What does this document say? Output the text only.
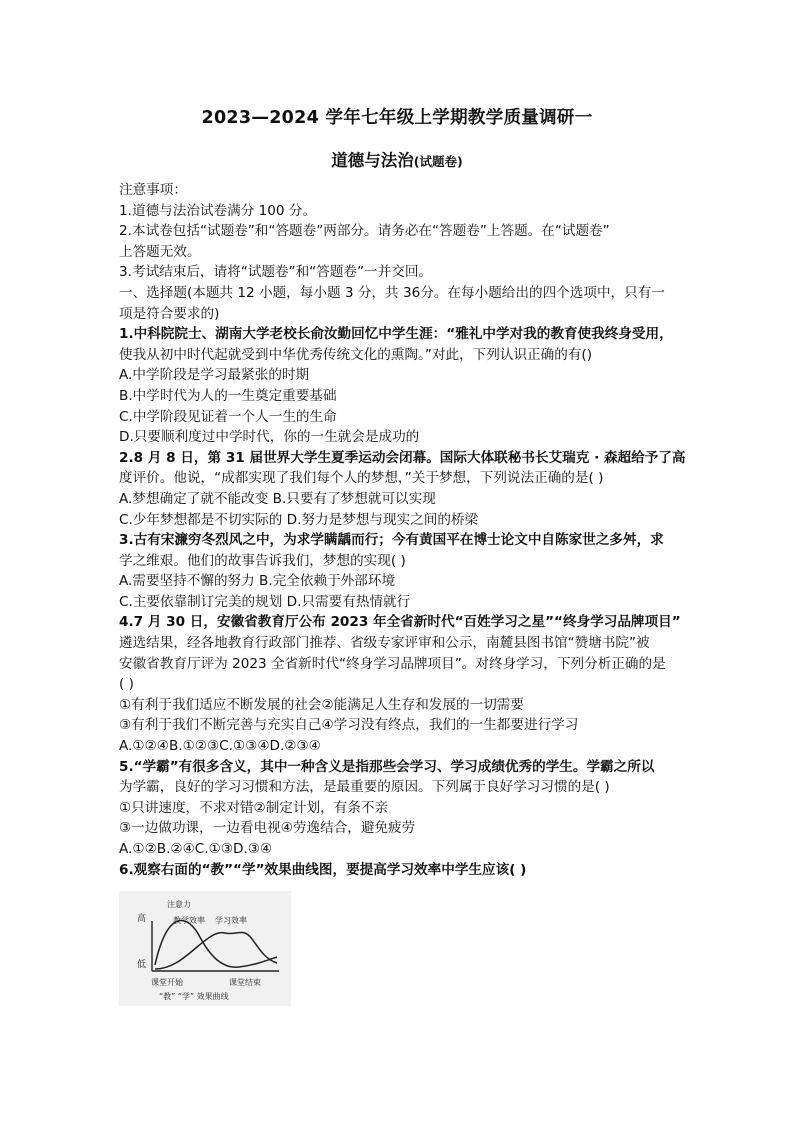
2023—2024 学年七年级上学期教学质量调研一
道德与法治(试题卷)

注意事项：

1.道德与法治试卷满分 100 分。

2.本试卷包括“试题卷”和“答题卷”两部分。请务必在“答题卷”上答题。在“试题卷”

上答题无效。

3.考试结束后，请将“试题卷”和“答题卷”一并交回。

一、选择题(本题共 12 小题，每小题 3 分，共 36分。在每小题给出的四个选项中，只有一

项是符合要求的)

1.中科院院士、湖南大学老校长俞汝勤回忆中学生涯：“雅礼中学对我的教育使我终身受用，

使我从初中时代起就受到中华优秀传统文化的熏陶。”对此，下列认识正确的有()

A.中学阶段是学习最紧张的时期

B.中学时代为人的一生奠定重要基础

C.中学阶段见证着一个人一生的生命

D.只要顺利度过中学时代，你的一生就会是成功的

2.8 月 8 日，第 31 届世界大学生夏季运动会闭幕。国际大体联秘书长艾瑞克 · 森超给予了高

度评价。他说，“成都实现了我们每个人的梦想，”关于梦想，下列说法正确的是( )

A.梦想确定了就不能改变 B.只要有了梦想就可以实现

C.少年梦想都是不切实际的 D.努力是梦想与现实之间的桥梁

3.古有宋濂穷冬烈风之中，为求学瞒龋而行；今有黄国平在博士论文中自陈家世之多舛，求

学之维艰。他们的故事告诉我们，梦想的实现( )

A.需要坚持不懈的努力 B.完全依赖于外部环境

C.主要依靠制订完美的规划 D.只需要有热情就行

4.7 月 30 日，安徽省教育厅公布 2023 年全省新时代“百姓学习之星”“终身学习品牌项目”

遴选结果，经各地教育行政部门推荐、省级专家评审和公示，南麓县图书馆“赞塘书院”被

安徽省教育厅评为 2023 全省新时代“终身学习品牌项目”。对终身学习，下列分析正确的是

( )

①有利于我们适应不断发展的社会②能满足人生存和发展的一切需要

③有利于我们不断完善与充实自己④学习没有终点，我们的一生都要进行学习

A.①②④B.①②③C.①③④D.②③④

5.“学霸”有很多含义，其中一种含义是指那些会学习、学习成绩优秀的学生。学霸之所以

为学霸，良好的学习习惯和方法，是最重要的原因。下列属于良好学习习惯的是( )

①只讲速度，不求对错②制定计划，有条不亲

③一边做功课，一边看电视④劳逸结合，避免疲劳

A.①②B.②④C.①③D.③④

6.观察右面的“教”“学”效果曲线图，要提高学习效率中学生应该( )

注意力
高
低
教学效率 学习效率
课堂开始	课堂结束
“教” “学” 效果曲线
